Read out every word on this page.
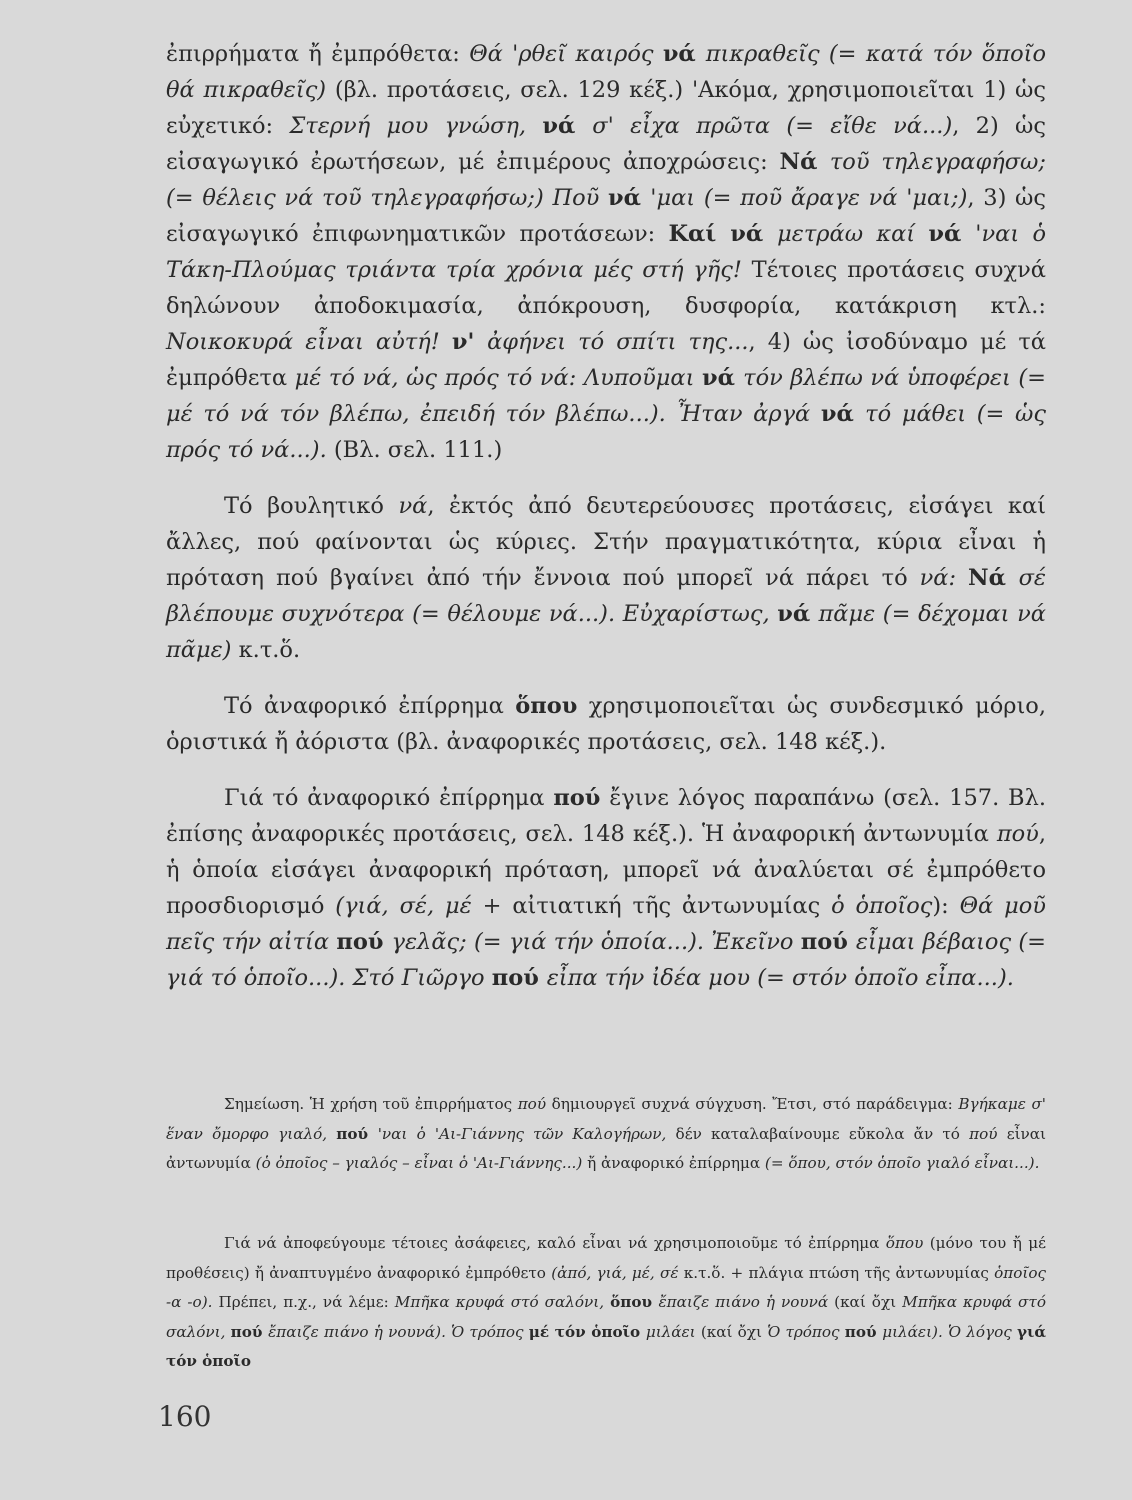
ἐπιρρήματα ἤ ἐμπρόθετα: Θά 'ρθεῖ καιρός νά πικραθεῖς (= κατά τόν ὅποῖο θά πικραθεῖς) (βλ. προτάσεις, σελ. 129 κέξ.) 'Ακόμα, χρησιμοποιεῖται 1) ὡς εὐχετικό: Στερνή μου γνώση, νά σ' εἶχα πρῶτα (= εἴθε νά...), 2) ὡς εἰσαγωγικό ἐρωτήσεων, μέ ἐπιμέρους ἀποχρώσεις: Νά τοῦ τηλεγραφήσω; (= θέλεις νά τοῦ τηλεγραφήσω;) Ποῦ νά 'μαι (= ποῦ ἄραγε νά 'μαι;), 3) ὡς εἰσαγωγικό ἐπιφωνηματικῶν προτάσεων: Καί νά μετράω καί νά 'ναι ὁ Τάκη-Πλούμας τριάντα τρία χρόνια μές στή γῆς! Τέτοιες προτάσεις συχνά δηλώνουν ἀποδοκιμασία, ἀπόκρουση, δυσφορία, κατάκριση κτλ.: Νοικοκυρά εἶναι αὐτή! ν' ἀφήνει τό σπίτι της..., 4) ὡς ἰσοδύναμο μέ τά ἐμπρόθετα μέ τό νά, ὡς πρός τό νά: Λυποῦμαι νά τόν βλέπω νά ὑποφέρει (= μέ τό νά τόν βλέπω, ἐπειδή τόν βλέπω...). Ἦταν ἀργά νά τό μάθει (= ὡς πρός τό νά...). (Βλ. σελ. 111.)

Τό βουλητικό νά, ἐκτός ἀπό δευτερεύουσες προτάσεις, εἰσάγει καί ἄλλες, πού φαίνονται ὡς κύριες. Στήν πραγματικότητα, κύρια εἶναι ἡ πρόταση πού βγαίνει ἀπό τήν ἔννοια πού μπορεῖ νά πάρει τό νά: Νά σέ βλέπουμε συχνότερα (= θέλουμε νά...). Εὐχαρίστως, νά πᾶμε (= δέχομαι νά πᾶμε) κ.τ.ὅ.

Τό ἀναφορικό ἐπίρρημα ὅπου χρησιμοποιεῖται ὡς συνδεσμικό μόριο, ὁριστικά ἤ ἀόριστα (βλ. ἀναφορικές προτάσεις, σελ. 148 κέξ.).

Γιά τό ἀναφορικό ἐπίρρημα πού ἔγινε λόγος παραπάνω (σελ. 157. Βλ. ἐπίσης ἀναφορικές προτάσεις, σελ. 148 κέξ.). Ἡ ἀναφορική ἀντωνυμία πού, ἡ ὁποία εἰσάγει ἀναφορική πρόταση, μπορεῖ νά ἀναλύεται σέ ἐμπρόθετο προσδιορισμό (γιά, σέ, μέ + αἰτιατική τῆς ἀντωνυμίας ὁ ὁποῖος): Θά μοῦ πεῖς τήν αἰτία πού γελᾶς; (= γιά τήν ὁποία...). Ἐκεῖνο πού εἶμαι βέβαιος (= γιά τό ὁποῖο...). Στό Γιῶργο πού εἶπα τήν ἰδέα μου (= στόν ὁποῖο εἶπα...).

Σημείωση. Ἡ χρήση τοῦ ἐπιρρήματος πού δημιουργεῖ συχνά σύγχυση. Ἔτσι, στό παράδειγμα: Βγήκαμε σ' ἕναν ὄμορφο γιαλό, πού 'ναι ὁ 'Αι-Γιάννης τῶν Καλογήρων, δέν καταλαβαίνουμε εὔκολα ἄν τό πού εἶναι ἀντωνυμία (ὁ ὁποῖος – γιαλός – εἶναι ὁ 'Αι-Γιάννης...) ἤ ἀναφορικό ἐπίρρημα (= ὅπου, στόν ὁποῖο γιαλό εἶναι...).

Γιά νά ἀποφεύγουμε τέτοιες ἀσάφειες, καλό εἶναι νά χρησιμοποιοῦμε τό ἐπίρρημα ὅπου (μόνο του ἤ μέ προθέσεις) ἤ ἀναπτυγμένο ἀναφορικό ἐμπρόθετο (ἀπό, γιά, μέ, σέ κ.τ.ὅ. + πλάγια πτώση τῆς ἀντωνυμίας ὁποῖος -α -ο). Πρέπει, π.χ., νά λέμε: Μπῆκα κρυφά στό σαλόνι, ὅπου ἔπαιζε πιάνο ἡ νουνά (καί ὄχι Μπῆκα κρυφά στό σαλόνι, πού ἔπαιζε πιάνο ἡ νουνά). Ὁ τρόπος μέ τόν ὁποῖο μιλάει (καί ὄχι Ὁ τρόπος πού μιλάει). Ὁ λόγος γιά τόν ὁποῖο

160
